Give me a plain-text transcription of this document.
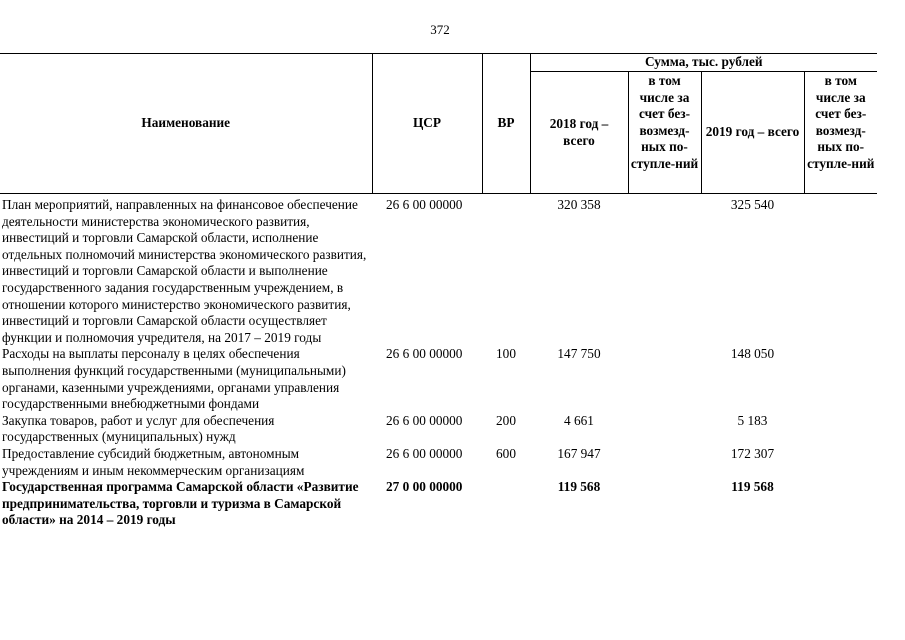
372
Наименование	ЦСР	ВР	Сумма, тыс. рублей			
			2018 год – всего	в том числе за счет без-возмезд-ных по-ступле-ний	2019 год – всего	в том числе за счет без-возмезд-ных по-ступле-ний
План мероприятий, направленных на финансовое обеспечение деятельности министерства экономического развития, инвестиций и торговли Самарской области, исполнение отдельных полномочий министерства экономического развития, инвестиций и торговли Самарской области и выполнение государственного задания государственным учреждением, в отношении которого министерство экономического развития, инвестиций и торговли Самарской области осуществляет функции и полномочия учредителя, на 2017 – 2019 годы	26 6 00 00000		320 358		325 540	
Расходы на выплаты персоналу в целях обеспечения выполнения функций государственными (муниципальными) органами, казенными учреждениями, органами управления государственными внебюджетными фондами	26 6 00 00000	100	147 750		148 050	
Закупка товаров, работ и услуг для обеспечения государственных (муниципальных) нужд	26 6 00 00000	200	4 661		5 183	
Предоставление субсидий бюджетным, автономным учреждениям и иным некоммерческим организациям	26 6 00 00000	600	167 947		172 307	
Государственная программа Самарской области «Развитие предпринимательства, торговли и туризма в Самарской области» на 2014 – 2019 годы	27 0 00 00000		119 568		119 568	
